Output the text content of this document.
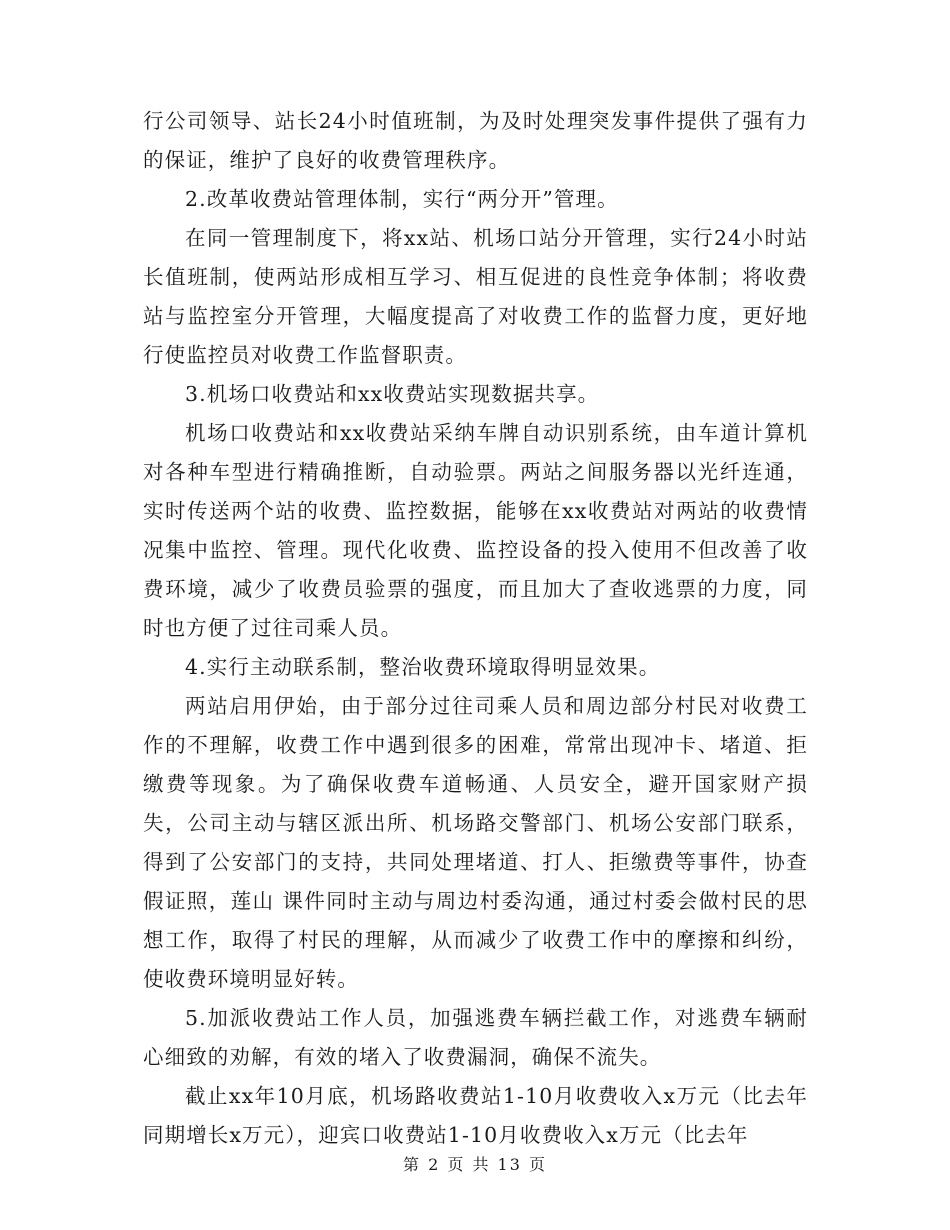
行公司领导、站长24小时值班制，为及时处理突发事件提供了强有力的保证，维护了良好的收费管理秩序。

2.改革收费站管理体制，实行“两分开”管理。

在同一管理制度下，将xx站、机场口站分开管理，实行24小时站长值班制，使两站形成相互学习、相互促进的良性竞争体制；将收费站与监控室分开管理，大幅度提高了对收费工作的监督力度，更好地行使监控员对收费工作监督职责。

3.机场口收费站和xx收费站实现数据共享。

机场口收费站和xx收费站采纳车牌自动识别系统，由车道计算机对各种车型进行精确推断，自动验票。两站之间服务器以光纤连通，实时传送两个站的收费、监控数据，能够在xx收费站对两站的收费情况集中监控、管理。现代化收费、监控设备的投入使用不但改善了收费环境，减少了收费员验票的强度，而且加大了查收逃票的力度，同时也方便了过往司乘人员。

4.实行主动联系制，整治收费环境取得明显效果。

两站启用伊始，由于部分过往司乘人员和周边部分村民对收费工作的不理解，收费工作中遇到很多的困难，常常出现冲卡、堵道、拒缴费等现象。为了确保收费车道畅通、人员安全，避开国家财产损失，公司主动与辖区派出所、机场路交警部门、机场公安部门联系，得到了公安部门的支持，共同处理堵道、打人、拒缴费等事件，协查假证照，莲山 课件同时主动与周边村委沟通，通过村委会做村民的思想工作，取得了村民的理解，从而减少了收费工作中的摩擦和纠纷，使收费环境明显好转。

5.加派收费站工作人员，加强逃费车辆拦截工作，对逃费车辆耐心细致的劝解，有效的堵入了收费漏洞，确保不流失。

截止xx年10月底，机场路收费站1-10月收费收入x万元（比去年同期增长x万元），迎宾口收费站1-10月收费收入x万元（比去年

第 2 页 共 13 页
